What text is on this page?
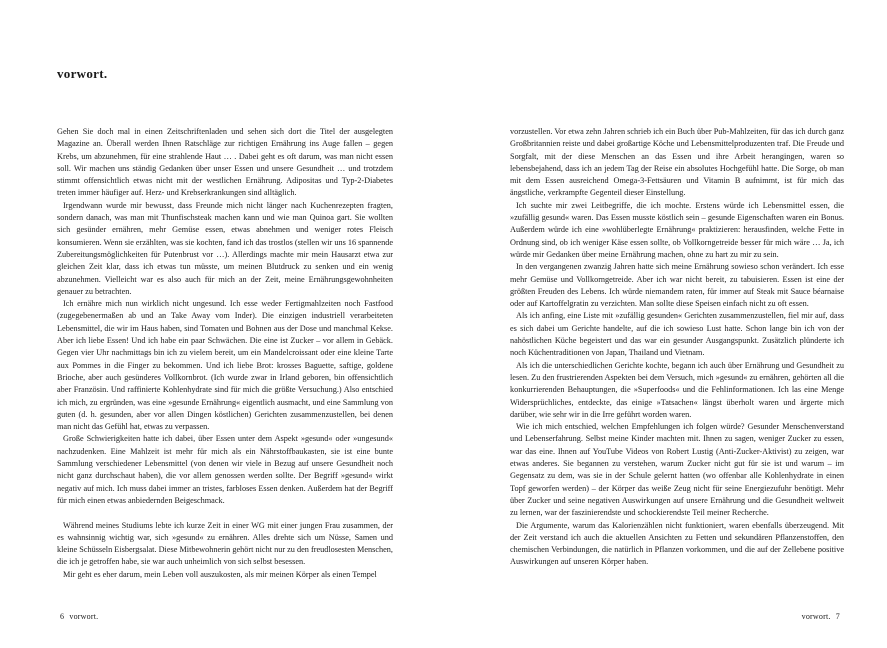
vorwort.

Gehen Sie doch mal in einen Zeitschriftenladen und sehen sich dort die Titel der ausgelegten Magazine an. Überall werden Ihnen Ratschläge zur richtigen Ernährung ins Auge fallen – gegen Krebs, um abzunehmen, für eine strahlende Haut … . Dabei geht es oft darum, was man nicht essen soll. Wir machen uns ständig Gedanken über unser Essen und unsere Gesundheit … und trotzdem stimmt offensichtlich etwas nicht mit der westlichen Ernährung. Adipositas und Typ-2-Diabetes treten immer häufiger auf. Herz- und Krebserkrankungen sind alltäglich.

Irgendwann wurde mir bewusst, dass Freunde mich nicht länger nach Kuchenrezepten fragten, sondern danach, was man mit Thunfischsteak machen kann und wie man Quinoa gart. Sie wollten sich gesünder ernähren, mehr Gemüse essen, etwas abnehmen und weniger rotes Fleisch konsumieren. Wenn sie erzählten, was sie kochten, fand ich das trostlos (stellen wir uns 16 spannende Zubereitungsmöglichkeiten für Putenbrust vor …). Allerdings machte mir mein Hausarzt etwa zur gleichen Zeit klar, dass ich etwas tun müsste, um meinen Blutdruck zu senken und ein wenig abzunehmen. Vielleicht war es also auch für mich an der Zeit, meine Ernährungsgewohnheiten genauer zu betrachten.

Ich ernähre mich nun wirklich nicht ungesund. Ich esse weder Fertigmahlzeiten noch Fastfood (zugegebenermaßen ab und an Take Away vom Inder). Die einzigen industriell verarbeiteten Lebensmittel, die wir im Haus haben, sind Tomaten und Bohnen aus der Dose und manchmal Kekse. Aber ich liebe Essen! Und ich habe ein paar Schwächen. Die eine ist Zucker – vor allem in Gebäck. Gegen vier Uhr nachmittags bin ich zu vielem bereit, um ein Mandelcroissant oder eine kleine Tarte aux Pommes in die Finger zu bekommen. Und ich liebe Brot: krosses Baguette, saftige, goldene Brioche, aber auch gesünderes Vollkornbrot. (Ich wurde zwar in Irland geboren, bin offensichtlich aber Französin. Und raffinierte Kohlenhydrate sind für mich die größte Versuchung.) Also entschied ich mich, zu ergründen, was eine »gesunde Ernährung« eigentlich ausmacht, und eine Sammlung von guten (d. h. gesunden, aber vor allen Dingen köstlichen) Gerichten zusammenzustellen, bei denen man nicht das Gefühl hat, etwas zu verpassen.

Große Schwierigkeiten hatte ich dabei, über Essen unter dem Aspekt »gesund« oder »ungesund« nachzudenken. Eine Mahlzeit ist mehr für mich als ein Nährstoffbaukasten, sie ist eine bunte Sammlung verschiedener Lebensmittel (von denen wir viele in Bezug auf unsere Gesundheit noch nicht ganz durchschaut haben), die vor allem genossen werden sollte. Der Begriff »gesund« wirkt negativ auf mich. Ich muss dabei immer an tristes, farbloses Essen denken. Außerdem hat der Begriff für mich einen etwas anbiedernden Beigeschmack.

Während meines Studiums lebte ich kurze Zeit in einer WG mit einer jungen Frau zusammen, der es wahnsinnig wichtig war, sich »gesund« zu ernähren. Alles drehte sich um Nüsse, Samen und kleine Schüsseln Eisbergsalat. Diese Mitbewohnerin gehört nicht nur zu den freudlosesten Menschen, die ich je getroffen habe, sie war auch unheimlich von sich selbst besessen.

Mir geht es eher darum, mein Leben voll auszukosten, als mir meinen Körper als einen Tempel

6 vorwort.

vorzustellen. Vor etwa zehn Jahren schrieb ich ein Buch über Pub-Mahlzeiten, für das ich durch ganz Großbritannien reiste und dabei großartige Köche und Lebensmittelproduzenten traf. Die Freude und Sorgfalt, mit der diese Menschen an das Essen und ihre Arbeit herangingen, waren so lebensbejahend, dass ich an jedem Tag der Reise ein absolutes Hochgefühl hatte. Die Sorge, ob man mit dem Essen ausreichend Omega-3-Fettsäuren und Vitamin B aufnimmt, ist für mich das ängstliche, verkrampfte Gegenteil dieser Einstellung.

Ich suchte mir zwei Leitbegriffe, die ich mochte. Erstens würde ich Lebensmittel essen, die »zufällig gesund« waren. Das Essen musste köstlich sein – gesunde Eigenschaften waren ein Bonus. Außerdem würde ich eine »wohlüberlegte Ernährung« praktizieren: herausfinden, welche Fette in Ordnung sind, ob ich weniger Käse essen sollte, ob Vollkorngetreide besser für mich wäre … Ja, ich würde mir Gedanken über meine Ernährung machen, ohne zu hart zu mir zu sein.

In den vergangenen zwanzig Jahren hatte sich meine Ernährung sowieso schon verändert. Ich esse mehr Gemüse und Vollkorngetreide. Aber ich war nicht bereit, zu tabuisieren. Essen ist eine der größten Freuden des Lebens. Ich würde niemandem raten, für immer auf Steak mit Sauce béarnaise oder auf Kartoffelgratin zu verzichten. Man sollte diese Speisen einfach nicht zu oft essen.

Als ich anfing, eine Liste mit »zufällig gesunden« Gerichten zusammenzustellen, fiel mir auf, dass es sich dabei um Gerichte handelte, auf die ich sowieso Lust hatte. Schon lange bin ich von der nahöstlichen Küche begeistert und das war ein gesunder Ausgangspunkt. Zusätzlich plünderte ich noch Küchentraditionen von Japan, Thailand und Vietnam.

Als ich die unterschiedlichen Gerichte kochte, begann ich auch über Ernährung und Gesundheit zu lesen. Zu den frustrierenden Aspekten bei dem Versuch, mich »gesund« zu ernähren, gehörten all die konkurrierenden Behauptungen, die »Superfoods« und die Fehlinformationen. Ich las eine Menge Widersprüchliches, entdeckte, das einige »Tatsachen« längst überholt waren und ärgerte mich darüber, wie sehr wir in die Irre geführt worden waren.

Wie ich mich entschied, welchen Empfehlungen ich folgen würde? Gesunder Menschenverstand und Lebenserfahrung. Selbst meine Kinder machten mit. Ihnen zu sagen, weniger Zucker zu essen, war das eine. Ihnen auf YouTube Videos von Robert Lustig (Anti-Zucker-Aktivist) zu zeigen, war etwas anderes. Sie begannen zu verstehen, warum Zucker nicht gut für sie ist und warum – im Gegensatz zu dem, was sie in der Schule gelernt hatten (wo offenbar alle Kohlenhydrate in einen Topf geworfen werden) – der Körper das weiße Zeug nicht für seine Energiezufuhr benötigt. Mehr über Zucker und seine negativen Auswirkungen auf unsere Ernährung und die Gesundheit weltweit zu lernen, war der faszinierendste und schockierendste Teil meiner Recherche.

Die Argumente, warum das Kalorienzählen nicht funktioniert, waren ebenfalls überzeugend. Mit der Zeit verstand ich auch die aktuellen Ansichten zu Fetten und sekundären Pflanzenstoffen, den chemischen Verbindungen, die natürlich in Pflanzen vorkommen, und die auf der Zellebene positive Auswirkungen auf unseren Körper haben.

vorwort. 7
